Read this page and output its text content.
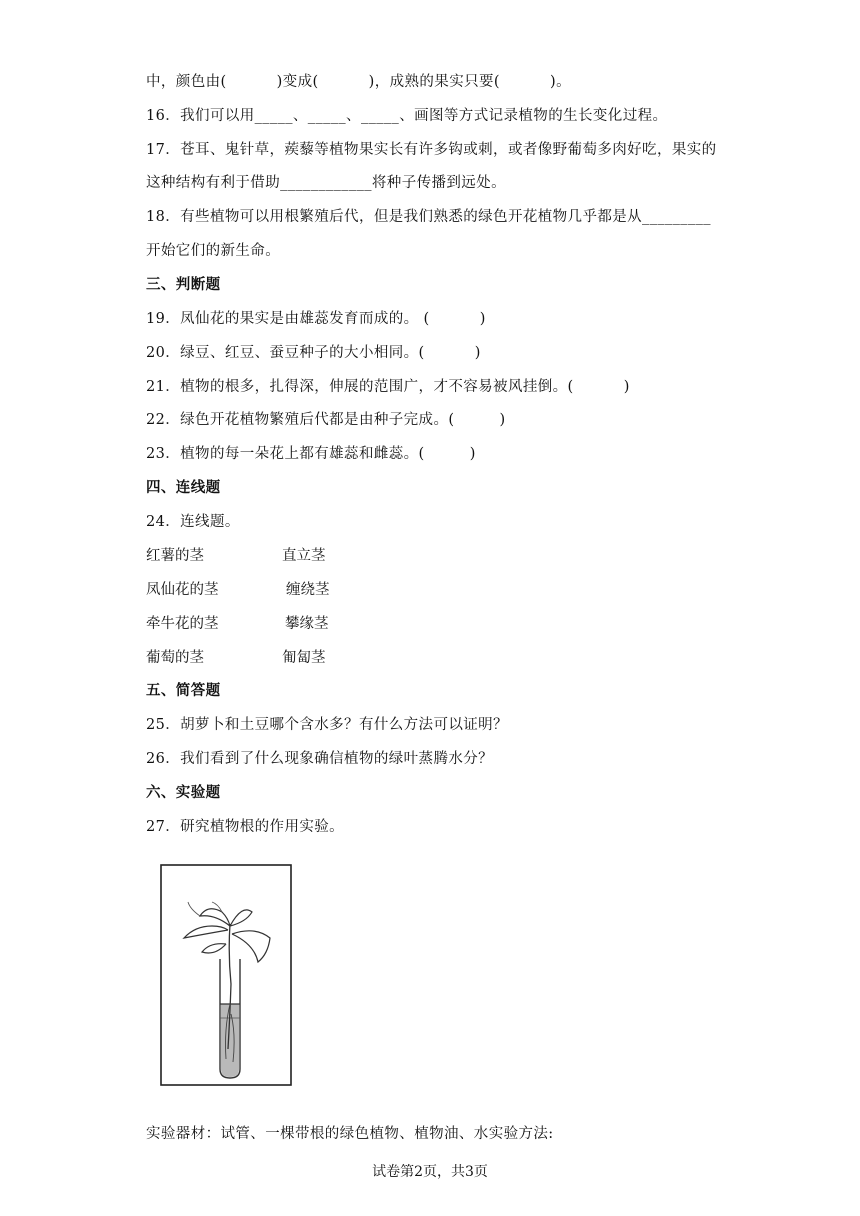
中，颜色由(          )变成(          )，成熟的果实只要(          )。
16．我们可以用_____、_____、_____、画图等方式记录植物的生长变化过程。
17．苍耳、鬼针草，蒺藜等植物果实长有许多钩或刺，或者像野葡萄多肉好吃，果实的
这种结构有利于借助____________将种子传播到远处。
18．有些植物可以用根繁殖后代，但是我们熟悉的绿色开花植物几乎都是从_________
开始它们的新生命。
三、判断题
19．凤仙花的果实是由雄蕊发育而成的。 (          )
20．绿豆、红豆、蚕豆种子的大小相同。(          )
21．植物的根多，扎得深，伸展的范围广，才不容易被风挂倒。(          )
22．绿色开花植物繁殖后代都是由种子完成。(         )
23．植物的每一朵花上都有雄蕊和雌蕊。(         )
四、连线题
24．连线题。
红薯的茎	直立茎
凤仙花的茎	缠绕茎
牵牛花的茎	攀缘茎
葡萄的茎	匍匐茎
五、简答题
25．胡萝卜和土豆哪个含水多？有什么方法可以证明？
26．我们看到了什么现象确信植物的绿叶蒸腾水分？
六、实验题
27．研究植物根的作用实验。
实验器材：试管、一棵带根的绿色植物、植物油、水实验方法:
试卷第2页，共3页
